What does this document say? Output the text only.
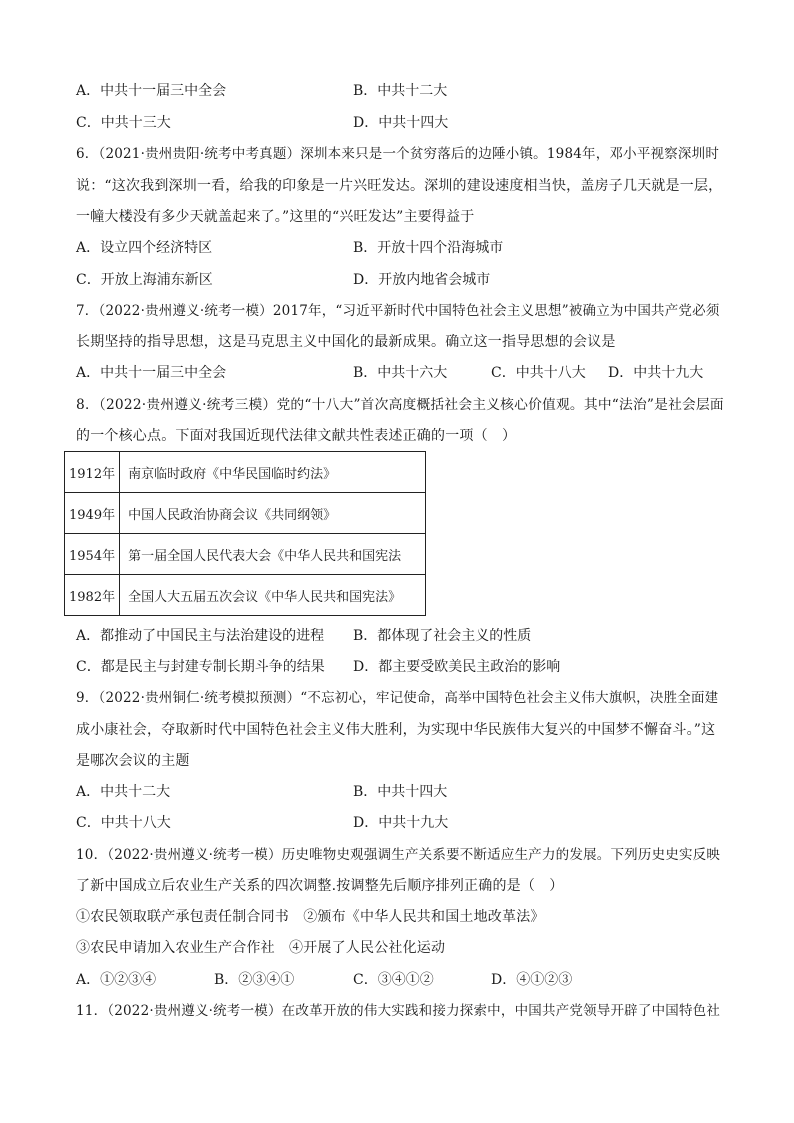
A．中共十一届三中全会	B．中共十二大
C．中共十三大	D．中共十四大
6．（2021·贵州贵阳·统考中考真题）深圳本来只是一个贫穷落后的边陲小镇。1984年，邓小平视察深圳时
说：“这次我到深圳一看，给我的印象是一片兴旺发达。深圳的建设速度相当快，盖房子几天就是一层，
一幢大楼没有多少天就盖起来了。”这里的“兴旺发达”主要得益于
A．设立四个经济特区	B．开放十四个沿海城市
C．开放上海浦东新区	D．开放内地省会城市
7．（2022·贵州遵义·统考一模）2017年，“习近平新时代中国特色社会主义思想”被确立为中国共产党必须
长期坚持的指导思想，这是马克思主义中国化的最新成果。确立这一指导思想的会议是
A．中共十一届三中全会	B．中共十六大	C．中共十八大 D．中共十九大
8．（2022·贵州遵义·统考三模）党的“十八大”首次高度概括社会主义核心价值观。其中“法治”是社会层面
的一个核心点。下面对我国近现代法律文献共性表述正确的一项（　）
1912年	南京临时政府《中华民国临时约法》
1949年	中国人民政治协商会议《共同纲领》
1954年	第一届全国人民代表大会《中华人民共和国宪法
1982年	全国人大五届五次会议《中华人民共和国宪法》
A．都推动了中国民主与法治建设的进程 B．都体现了社会主义的性质
C．都是民主与封建专制长期斗争的结果 D．都主要受欧美民主政治的影响
9．（2022·贵州铜仁·统考模拟预测）“不忘初心，牢记使命，高举中国特色社会主义伟大旗帜，决胜全面建
成小康社会，夺取新时代中国特色社会主义伟大胜利，为实现中华民族伟大复兴的中国梦不懈奋斗。”这
是哪次会议的主题
A．中共十二大	B．中共十四大
C．中共十八大	D．中共十九大
10．（2022·贵州遵义·统考一模）历史唯物史观强调生产关系要不断适应生产力的发展。下列历史史实反映
了新中国成立后农业生产关系的四次调整.按调整先后顺序排列正确的是（　）
①农民领取联产承包责任制合同书　②颁布《中华人民共和国土地改革法》
③农民申请加入农业生产合作社　④开展了人民公社化运动
A．①②③④	B．②③④①	C．③④①②	D．④①②③
11．（2022·贵州遵义·统考一模）在改革开放的伟大实践和接力探索中，中国共产党领导开辟了中国特色社
